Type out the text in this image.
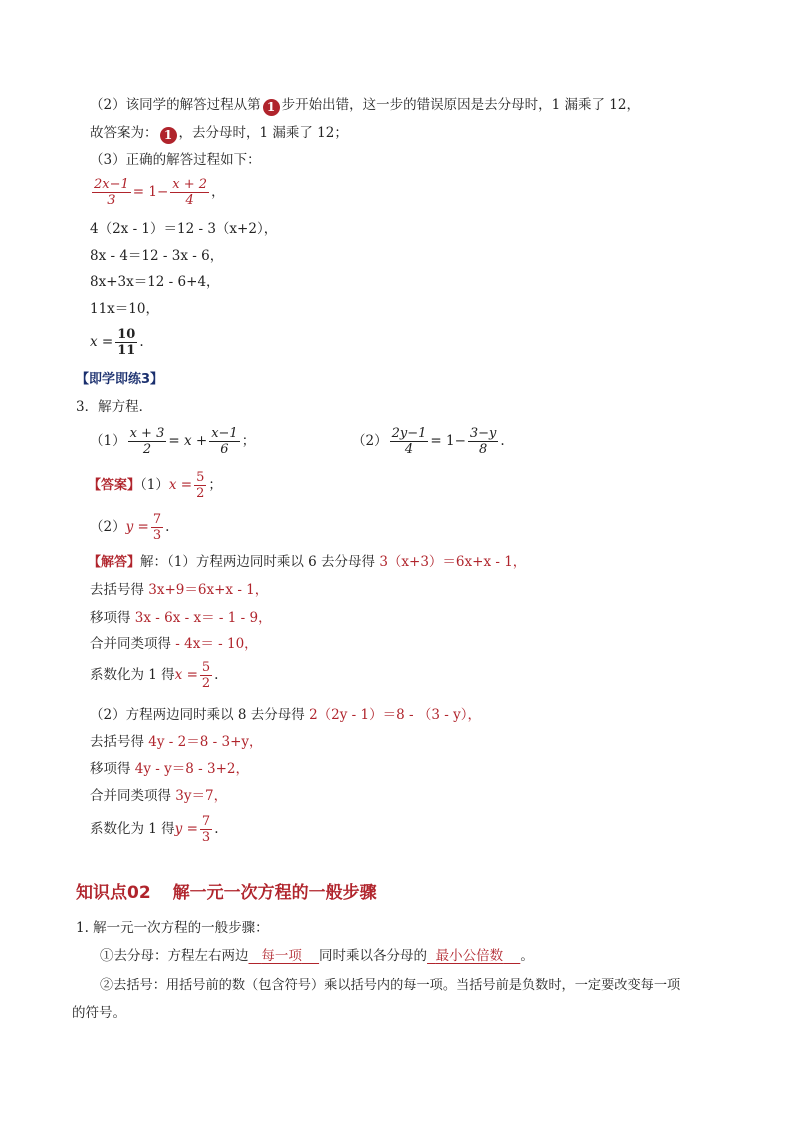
（2）该同学的解答过程从第 1 步开始出错，这一步的错误原因是去分母时，1 漏乘了 12，
故答案为： 1 ，去分母时，1 漏乘了 12；
（3）正确的解答过程如下：
$\frac{2x-1}{3} = 1- \frac{x + 2}{4}$ ，
4（2x - 1）＝12 - 3（x+2），
8x - 4＝12 - 3x - 6，
8x+3x＝12 - 6+4，
11x＝10，
$x = \frac{10}{11}$ .
【即学即练3】
3．解方程．
$(1) \frac{x + 3}{2} = x + \frac{x-1}{6}$ ；	$(2) \frac{2y-1}{4} = 1- \frac{3-y}{8}$ .
【答案】$(1)x = \frac{5}{2}$ ；
$(2)y = \frac{7}{3}$ .
【解答】解：（1）方程两边同时乘以 6 去分母得 3（x+3）＝6x+x - 1，
去括号得 3x+9＝6x+x - 1，
移项得 3x - 6x - x＝ - 1 - 9，
合并同类项得 - 4x＝ - 10，
系数化为 1 得$x = \frac{5}{2}$ .
（2）方程两边同时乘以 8 去分母得 2（2y - 1）＝8 - （3 - y），
去括号得 4y - 2＝8 - 3+y，
移项得 4y - y＝8 - 3+2，
合并同类项得 3y＝7，
系数化为 1 得$y = \frac{7}{3}$ .
知识点02 解一元一次方程的一般步骤
1. 解一元一次方程的一般步骤：
①去分母：方程左右两边 每一项 同时乘以各分母的 最小公倍数 。
②去括号：用括号前的数（包含符号）乘以括号内的每一项。当括号前是负数时，一定要改变每一项
的符号。
